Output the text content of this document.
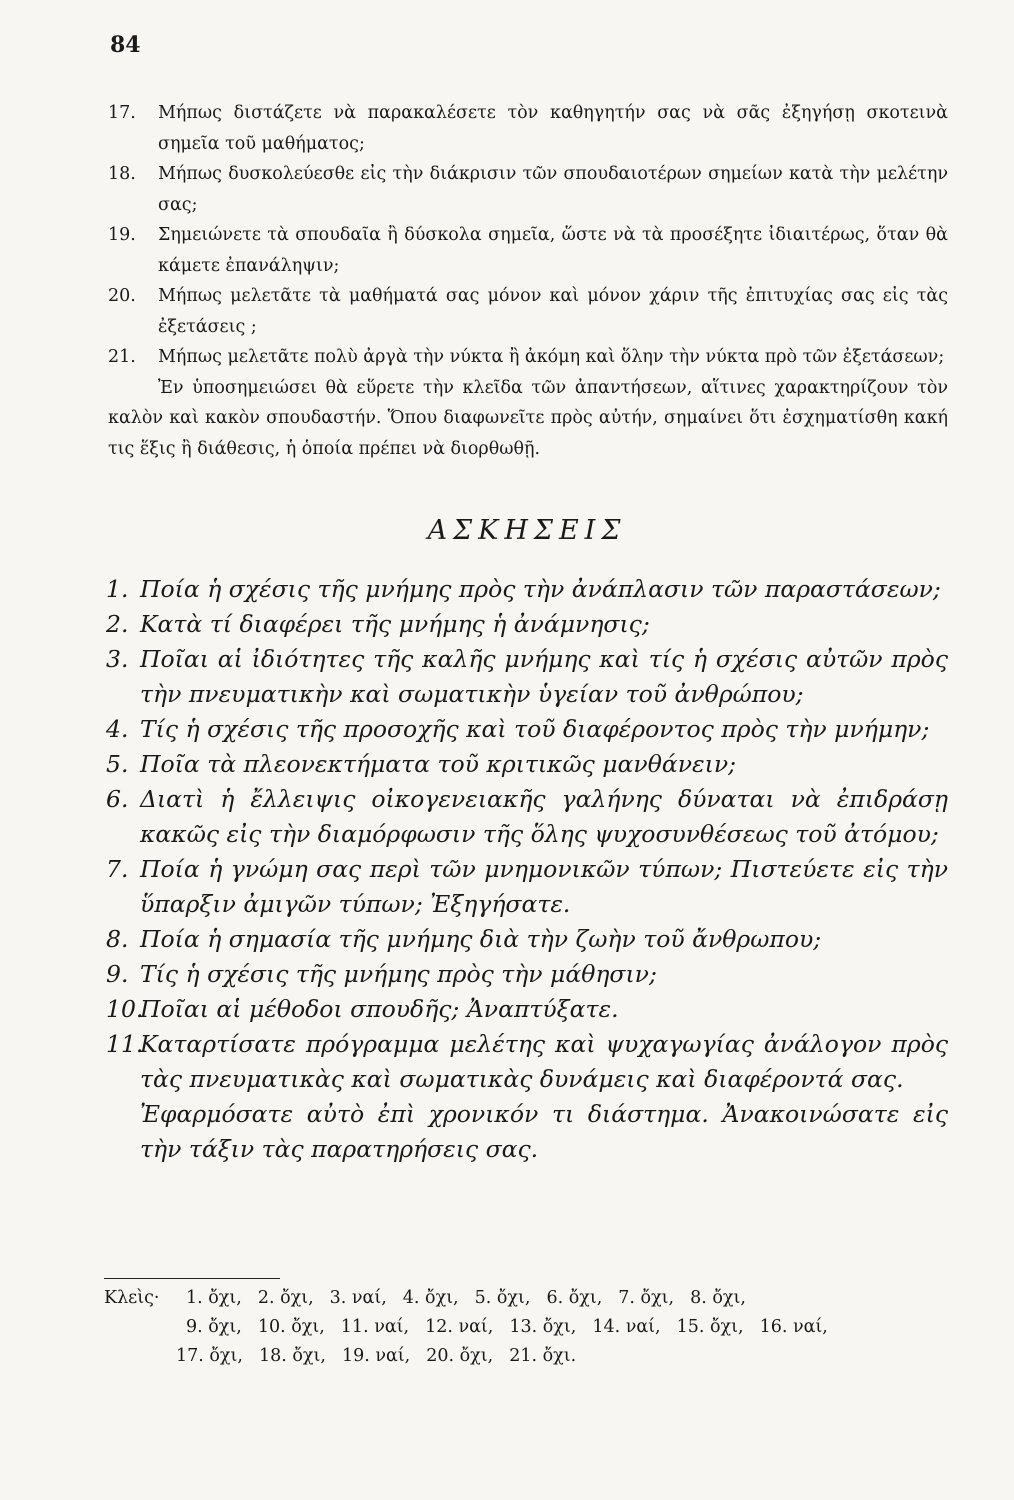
84
17. Μήπως διστάζετε νὰ παρακαλέσετε τὸν καθηγητήν σας νὰ σᾶς ἐξηγήσῃ σκοτεινὰ σημεῖα τοῦ μαθήματος;
18. Μήπως δυσκολεύεσθε εἰς τὴν διάκρισιν τῶν σπουδαιοτέρων σημείων κατὰ τὴν μελέτην σας;
19. Σημειώνετε τὰ σπουδαῖα ἢ δύσκολα σημεῖα, ὥστε νὰ τὰ προσέξητε ἰδιαιτέρως, ὅταν θὰ κάμετε ἐπανάληψιν;
20. Μήπως μελετᾶτε τὰ μαθήματά σας μόνον καὶ μόνον χάριν τῆς ἐπιτυχίας σας εἰς τὰς ἐξετάσεις ;
21. Μήπως μελετᾶτε πολὺ ἀργὰ τὴν νύκτα ἢ ἀκόμη καὶ ὅλην τὴν νύκτα πρὸ τῶν ἐξετάσεων;
Ἐν ὑποσημειώσει θὰ εὕρετε τὴν κλεῖδα τῶν ἀπαντήσεων, αἵτινες χαρακτηρίζουν τὸν καλὸν καὶ κακὸν σπουδαστήν. Ὅπου διαφωνεῖτε πρὸς αὐτήν, σημαίνει ὅτι ἐσχηματίσθη κακή τις ἕξις ἢ διάθεσις, ἡ ὁποία πρέπει νὰ διορθωθῇ.
ΑΣΚΗΣΕΙΣ
1. Ποία ἡ σχέσις τῆς μνήμης πρὸς τὴν ἀνάπλασιν τῶν παραστάσεων;
2. Κατὰ τί διαφέρει τῆς μνήμης ἡ ἀνάμνησις;
3. Ποῖαι αἱ ἰδιότητες τῆς καλῆς μνήμης καὶ τίς ἡ σχέσις αὐτῶν πρὸς τὴν πνευματικὴν καὶ σωματικὴν ὑγείαν τοῦ ἀνθρώπου;
4. Τίς ἡ σχέσις τῆς προσοχῆς καὶ τοῦ διαφέροντος πρὸς τὴν μνήμην;
5. Ποῖα τὰ πλεονεκτήματα τοῦ κριτικῶς μανθάνειν;
6. Διατὶ ἡ ἔλλειψις οἰκογενειακῆς γαλήνης δύναται νὰ ἐπιδράσῃ κακῶς εἰς τὴν διαμόρφωσιν τῆς ὅλης ψυχοσυνθέσεως τοῦ ἀτόμου;
7. Ποία ἡ γνώμη σας περὶ τῶν μνημονικῶν τύπων; Πιστεύετε εἰς τὴν ὕπαρξιν ἀμιγῶν τύπων; Ἐξηγήσατε.
8. Ποία ἡ σημασία τῆς μνήμης διὰ τὴν ζωὴν τοῦ ἄνθρωπου;
9. Τίς ἡ σχέσις τῆς μνήμης πρὸς τὴν μάθησιν;
10.
Ποῖαι αἱ μέθοδοι σπουδῆς; Ἀναπτύξατε.
11.
Καταρτίσατε πρόγραμμα μελέτης καὶ ψυχαγωγίας ἀνάλογον πρὸς τὰς πνευματικὰς καὶ σωματικὰς δυνάμεις καὶ διαφέροντά σας.
Ἐφαρμόσατε αὐτὸ ἐπὶ χρονικόν τι διάστημα. Ἀνακοινώσατε εἰς τὴν τάξιν τὰς παρατηρήσεις σας.
Κλεὶς·	1. ὄχι, 2. ὄχι, 3. ναί, 4. ὄχι, 5. ὄχι, 6. ὄχι, 7. ὄχι, 8. ὄχι,
9. ὄχι, 10. ὄχι, 11. ναί, 12. ναί, 13. ὄχι, 14. ναί, 15. ὄχι, 16. ναί,
17. ὄχι, 18. ὄχι, 19. ναί, 20. ὄχι, 21. ὄχι.
